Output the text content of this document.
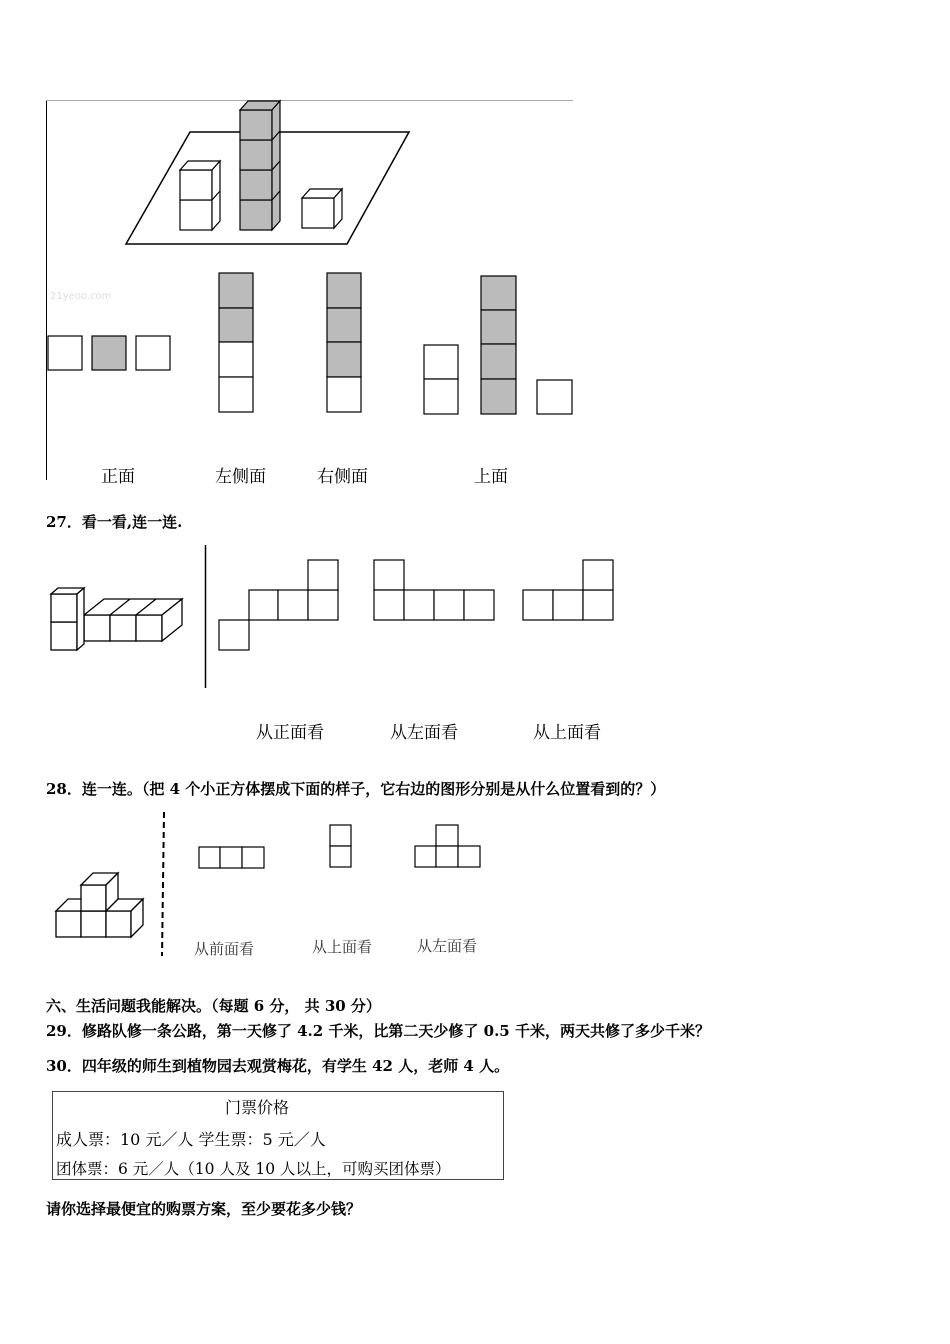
21yeoo.com
正面	左侧面	右侧面	上面
27．看一看,连一连.
从正面看	从左面看	从上面看
28．连一连。（把 4 个小正方体摆成下面的样子，它右边的图形分别是从什么位置看到的？）
从前面看	从上面看	从左面看
六、生活问题我能解决。（每题 6 分， 共 30 分）
29．修路队修一条公路，第一天修了 4.2 千米，比第二天少修了 0.5 千米，两天共修了多少千米？
30．四年级的师生到植物园去观赏梅花，有学生 42 人，老师 4 人。
门票价格
成人票：10 元／人 学生票：5 元／人
团体票：6 元／人（10 人及 10 人以上，可购买团体票）
请你选择最便宜的购票方案，至少要花多少钱？
